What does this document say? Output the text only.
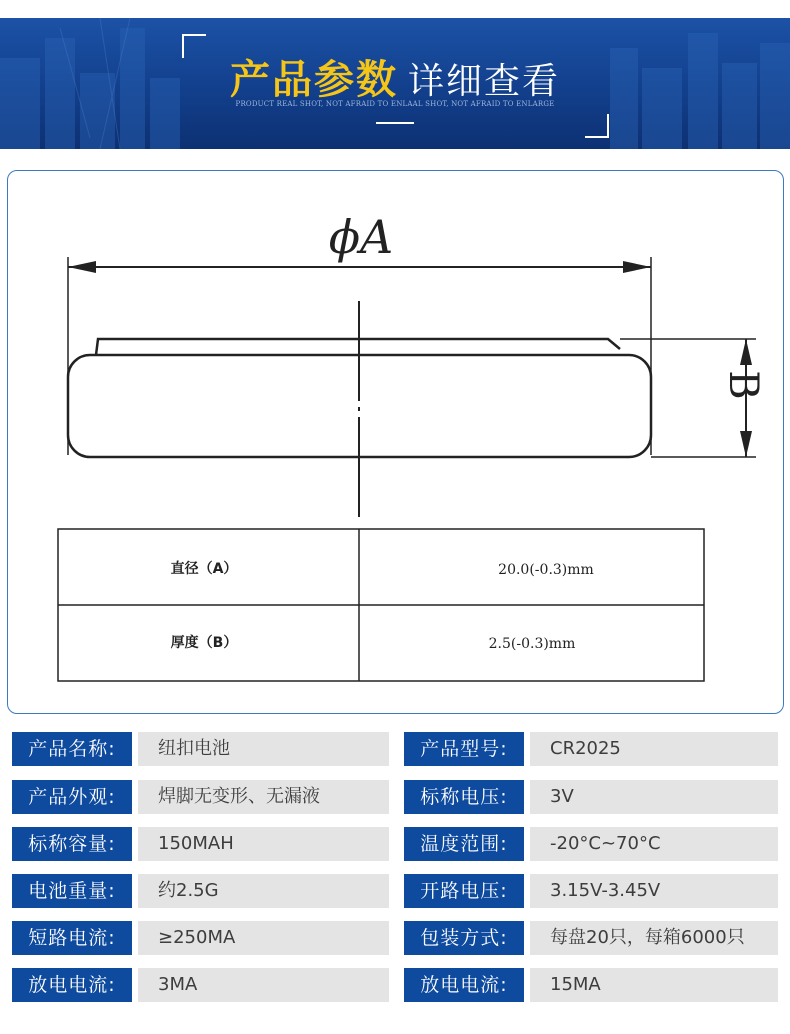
产品参数 详细查看
PRODUCT REAL SHOT, NOT AFRAID TO ENLAAL SHOT, NOT AFRAID TO ENLARGE
ϕA
B
直径（A）	20.0(-0.3)mm
厚度（B）	2.5(-0.3)mm
产品名称:	纽扣电池	产品型号:	CR2025
产品外观:	焊脚无变形、无漏液	标称电压:	3V
标称容量:	150MAH	温度范围:	-20°C~70°C
电池重量:	约2.5G	开路电压:	3.15V-3.45V
短路电流:	≥250MA	包装方式:	每盘20只，每箱6000只
放电电流:	3MA	放电电流:	15MA
